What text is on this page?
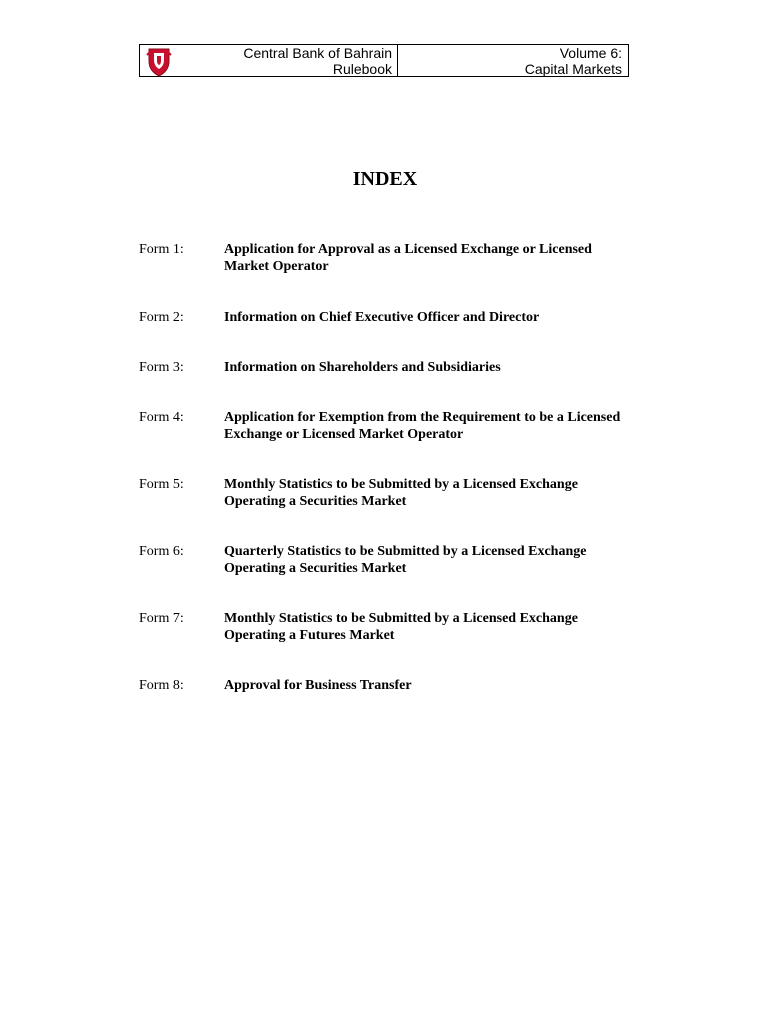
Central Bank of Bahrain
Rulebook
Volume 6:
Capital Markets
INDEX
Form 1:	Application for Approval as a Licensed Exchange or Licensed Market Operator
Form 2:	Information on Chief Executive Officer and Director
Form 3:	Information on Shareholders and Subsidiaries
Form 4:	Application for Exemption from the Requirement to be a Licensed Exchange or Licensed Market Operator
Form 5:	Monthly Statistics to be Submitted by a Licensed Exchange Operating a Securities Market
Form 6:	Quarterly Statistics to be Submitted by a Licensed Exchange Operating a Securities Market
Form 7:	Monthly Statistics to be Submitted by a Licensed Exchange Operating a Futures Market
Form 8:	Approval for Business Transfer
